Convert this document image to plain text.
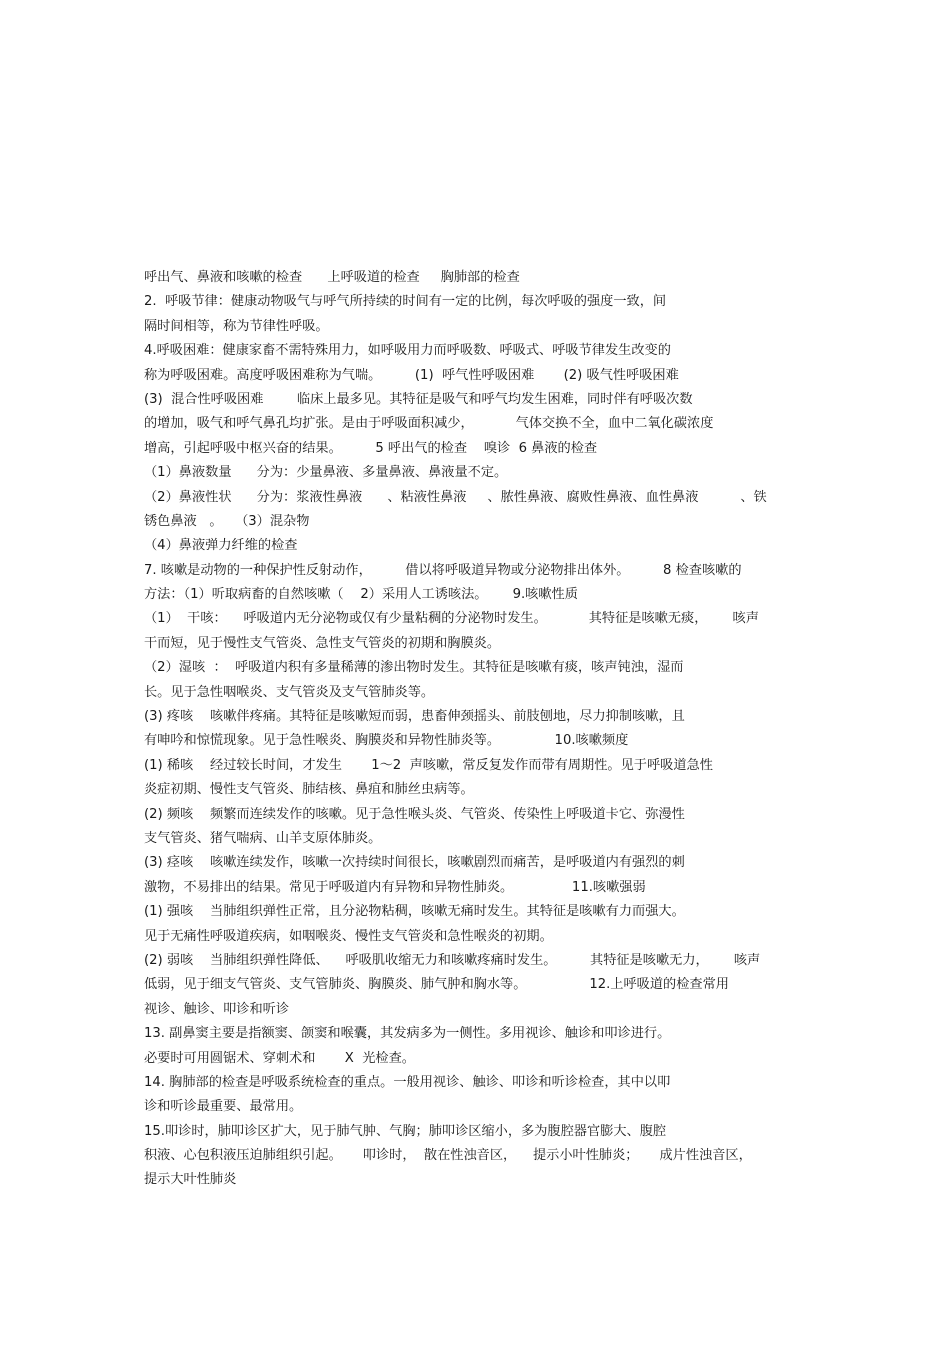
呼出气、鼻液和咳嗽的检查      上呼吸道的检查     胸肺部的检查
2.  呼吸节律：健康动物吸气与呼气所持续的时间有一定的比例，每次呼吸的强度一致，间
隔时间相等，称为节律性呼吸。
4.呼吸困难：健康家畜不需特殊用力，如呼吸用力而呼吸数、呼吸式、呼吸节律发生改变的
称为呼吸困难。高度呼吸困难称为气喘。        (1)  呼气性呼吸困难       (2) 吸气性呼吸困难
(3)  混合性呼吸困难        临床上最多见。其特征是吸气和呼气均发生困难，同时伴有呼吸次数
的增加，吸气和呼气鼻孔均扩张。是由于呼吸面积减少，          气体交换不全，血中二氧化碳浓度
增高，引起呼吸中枢兴奋的结果。        5 呼出气的检查    嗅诊  6 鼻液的检查
（1）鼻液数量      分为：少量鼻液、多量鼻液、鼻液量不定。
（2）鼻液性状      分为：浆液性鼻液      、粘液性鼻液     、脓性鼻液、腐败性鼻液、血性鼻液          、铁
锈色鼻液   。   （3）混杂物
（4）鼻液弹力纤维的检查
7. 咳嗽是动物的一种保护性反射动作，        借以将呼吸道异物或分泌物排出体外。        8 检查咳嗽的
方法：（1）听取病畜的自然咳嗽（    2）采用人工诱咳法。      9.咳嗽性质
（1）  干咳：    呼吸道内无分泌物或仅有少量粘稠的分泌物时发生。          其特征是咳嗽无痰，      咳声
干而短，见于慢性支气管炎、急性支气管炎的初期和胸膜炎。
（2）湿咳  ：  呼吸道内积有多量稀薄的渗出物时发生。其特征是咳嗽有痰，咳声钝浊，湿而
长。见于急性咽喉炎、支气管炎及支气管肺炎等。
(3) 疼咳    咳嗽伴疼痛。其特征是咳嗽短而弱，患畜伸颈摇头、前肢刨地，尽力抑制咳嗽，且
有呻吟和惊慌现象。见于急性喉炎、胸膜炎和异物性肺炎等。             10.咳嗽频度
(1) 稀咳    经过较长时间，才发生       1～2  声咳嗽，常反复发作而带有周期性。见于呼吸道急性
炎症初期、慢性支气管炎、肺结核、鼻疽和肺丝虫病等。
(2) 频咳    频繁而连续发作的咳嗽。见于急性喉头炎、气管炎、传染性上呼吸道卡它、弥漫性
支气管炎、猪气喘病、山羊支原体肺炎。
(3) 痉咳    咳嗽连续发作，咳嗽一次持续时间很长，咳嗽剧烈而痛苦，是呼吸道内有强烈的刺
激物，不易排出的结果。常见于呼吸道内有异物和异物性肺炎。              11.咳嗽强弱
(1) 强咳    当肺组织弹性正常，且分泌物粘稠，咳嗽无痛时发生。其特征是咳嗽有力而强大。
见于无痛性呼吸道疾病，如咽喉炎、慢性支气管炎和急性喉炎的初期。
(2) 弱咳    当肺组织弹性降低、    呼吸肌收缩无力和咳嗽疼痛时发生。        其特征是咳嗽无力，      咳声
低弱，见于细支气管炎、支气管肺炎、胸膜炎、肺气肿和胸水等。               12.上呼吸道的检查常用
视诊、触诊、叩诊和听诊
13. 副鼻窦主要是指额窦、颌窦和喉囊，其发病多为一侧性。多用视诊、触诊和叩诊进行。
必要时可用圆锯术、穿刺术和       X  光检查。
14. 胸肺部的检查是呼吸系统检查的重点。一般用视诊、触诊、叩诊和听诊检查，其中以叩
诊和听诊最重要、最常用。
15.叩诊时，肺叩诊区扩大，见于肺气肿、气胸；肺叩诊区缩小，多为腹腔器官膨大、腹腔
积液、心包积液压迫肺组织引起。     叩诊时，  散在性浊音区，    提示小叶性肺炎；     成片性浊音区，
提示大叶性肺炎
